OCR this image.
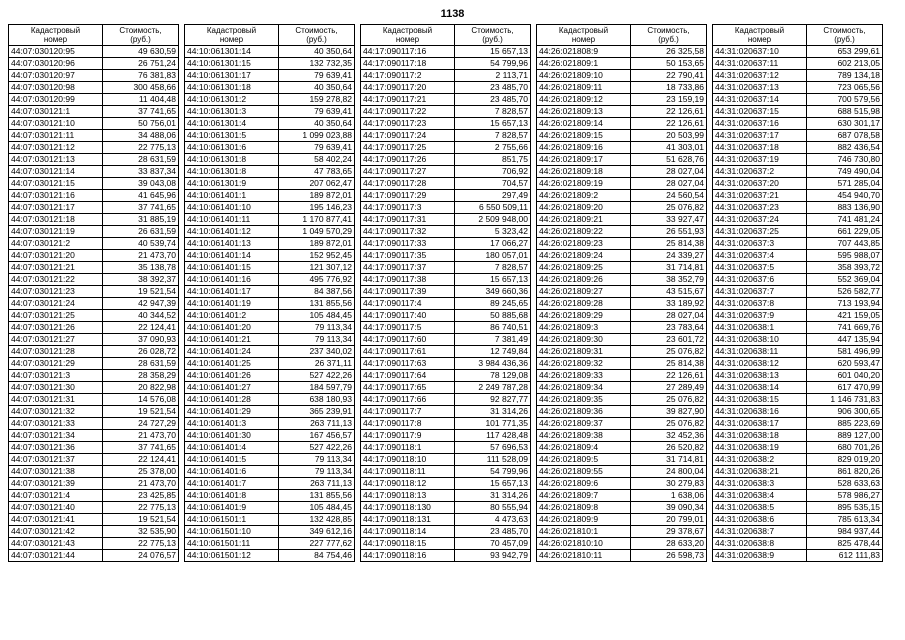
1138
Кадастровый
номер	Стоимость,
(руб.)

44:07:030120:95	49 630,59
44:07:030120:96	26 751,24
44:07:030120:97	76 381,83
44:07:030120:98	300 458,66
44:07:030120:99	11 404,48
44:07:030121:1	37 741,65
44:07:030121:10	50 756,01
44:07:030121:11	34 488,06
44:07:030121:12	22 775,13
44:07:030121:13	28 631,59
44:07:030121:14	33 837,34
44:07:030121:15	39 043,08
44:07:030121:16	41 645,96
44:07:030121:17	37 741,65
44:07:030121:18	31 885,19
44:07:030121:19	26 631,59
44:07:030121:2	40 539,74
44:07:030121:20	21 473,70
44:07:030121:21	35 138,78
44:07:030121:22	38 392,37
44:07:030121:23	19 521,54
44:07:030121:24	42 947,39
44:07:030121:25	40 344,52
44:07:030121:26	22 124,41
44:07:030121:27	37 090,93
44:07:030121:28	26 028,72
44:07:030121:29	28 631,59
44:07:030121:3	28 358,29
44:07:030121:30	20 822,98
44:07:030121:31	14 576,08
44:07:030121:32	19 521,54
44:07:030121:33	24 727,29
44:07:030121:34	21 473,70
44:07:030121:36	37 741,65
44:07:030121:37	22 124,41
44:07:030121:38	25 378,00
44:07:030121:39	21 473,70
44:07:030121:4	23 425,85
44:07:030121:40	22 775,13
44:07:030121:41	19 521,54
44:07:030121:42	32 535,90
44:07:030121:43	22 775,13
44:07:030121:44	24 076,57
Кадастровый
номер	Стоимость,
(руб.)

44:10:061301:14	40 350,64
44:10:061301:15	132 732,35
44:10:061301:17	79 639,41
44:10:061301:18	40 350,64
44:10:061301:2	159 278,82
44:10:061301:3	79 639,41
44:10:061301:4	40 350,64
44:10:061301:5	1 099 023,88
44:10:061301:6	79 639,41
44:10:061301:8	58 402,24
44:10:061301:8	47 783,65
44:10:061301:9	207 062,47
44:10:061401:1	189 872,01
44:10:061401:10	195 146,23
44:10:061401:11	1 170 877,41
44:10:061401:12	1 049 570,29
44:10:061401:13	189 872,01
44:10:061401:14	152 952,45
44:10:061401:15	121 307,12
44:10:061401:16	495 776,92
44:10:061401:17	84 387,56
44:10:061401:19	131 855,56
44:10:061401:2	105 484,45
44:10:061401:20	79 113,34
44:10:061401:21	79 113,34
44:10:061401:24	237 340,02
44:10:061401:25	26 371,11
44:10:061401:26	527 422,26
44:10:061401:27	184 597,79
44:10:061401:28	638 180,93
44:10:061401:29	365 239,91
44:10:061401:3	263 711,13
44:10:061401:30	167 456,57
44:10:061401:4	527 422,26
44:10:061401:5	79 113,34
44:10:061401:6	79 113,34
44:10:061401:7	263 711,13
44:10:061401:8	131 855,56
44:10:061401:9	105 484,45
44:10:061501:1	132 428,85
44:10:061501:10	349 612,16
44:10:061501:11	227 777,62
44:10:061501:12	84 754,46
Кадастровый
номер	Стоимость,
(руб.)

44:17:090117:16	15 657,13
44:17:090117:18	54 799,96
44:17:090117:2	2 113,71
44:17:090117:20	23 485,70
44:17:090117:21	23 485,70
44:17:090117:22	7 828,57
44:17:090117:23	15 657,13
44:17:090117:24	7 828,57
44:17:090117:25	2 755,66
44:17:090117:26	851,75
44:17:090117:27	706,92
44:17:090117:28	704,57
44:17:090117:29	297,49
44:17:090117:3	6 550 509,11
44:17:090117:31	2 509 948,00
44:17:090117:32	5 323,42
44:17:090117:33	17 066,27
44:17:090117:35	180 057,01
44:17:090117:37	7 828,57
44:17:090117:38	15 657,13
44:17:090117:39	349 660,36
44:17:090117:4	89 245,65
44:17:090117:40	50 885,68
44:17:090117:5	86 740,51
44:17:090117:60	7 381,49
44:17:090117:61	12 749,84
44:17:090117:63	3 984 436,36
44:17:090117:64	78 129,08
44:17:090117:65	2 249 787,28
44:17:090117:66	92 827,77
44:17:090117:7	31 314,26
44:17:090117:8	101 771,35
44:17:090117:9	117 428,48
44:17:090118:1	57 696,53
44:17:090118:10	111 528,09
44:17:090118:11	54 799,96
44:17:090118:12	15 657,13
44:17:090118:13	31 314,26
44:17:090118:130	80 555,94
44:17:090118:131	4 473,63
44:17:090118:14	23 485,70
44:17:090118:15	70 457,09
44:17:090118:16	93 942,79
Кадастровый
номер	Стоимость,
(руб.)

44:26:021808:9	26 325,58
44:26:021809:1	50 153,65
44:26:021809:10	22 790,41
44:26:021809:11	18 733,86
44:26:021809:12	23 159,19
44:26:021809:13	22 126,61
44:26:021809:14	22 126,61
44:26:021809:15	20 503,99
44:26:021809:16	41 303,01
44:26:021809:17	51 628,76
44:26:021809:18	28 027,04
44:26:021809:19	28 027,04
44:26:021809:2	24 560,54
44:26:021809:20	25 076,82
44:26:021809:21	33 927,47
44:26:021809:22	26 551,93
44:26:021809:23	25 814,38
44:26:021809:24	24 339,27
44:26:021809:25	31 714,81
44:26:021809:26	38 352,79
44:26:021809:27	43 515,67
44:26:021809:28	33 189,92
44:26:021809:29	28 027,04
44:26:021809:3	23 783,64
44:26:021809:30	23 601,72
44:26:021809:31	25 076,82
44:26:021809:32	25 814,38
44:26:021809:33	22 126,61
44:26:021809:34	27 289,49
44:26:021809:35	25 076,82
44:26:021809:36	39 827,90
44:26:021809:37	25 076,82
44:26:021809:38	32 452,36
44:26:021809:4	26 520,82
44:26:021809:5	31 714,81
44:26:021809:55	24 800,04
44:26:021809:6	30 279,83
44:26:021809:7	1 638,06
44:26:021809:8	39 090,34
44:26:021809:9	20 799,01
44:26:021810:1	29 378,67
44:26:021810:10	28 633,20
44:26:021810:11	26 598,73
Кадастровый
номер	Стоимость,
(руб.)

44:31:020637:10	653 299,61
44:31:020637:11	602 213,05
44:31:020637:12	789 134,18
44:31:020637:13	723 065,56
44:31:020637:14	700 579,56
44:31:020637:15	688 515,98
44:31:020637:16	630 301,17
44:31:020637:17	687 078,58
44:31:020637:18	882 436,54
44:31:020637:19	746 730,80
44:31:020637:2	749 490,04
44:31:020637:20	571 285,04
44:31:020637:21	454 940,70
44:31:020637:23	883 136,90
44:31:020637:24	741 481,24
44:31:020637:25	661 229,05
44:31:020637:3	707 443,85
44:31:020637:4	595 988,07
44:31:020637:5	358 393,72
44:31:020637:6	552 369,04
44:31:020637:7	526 582,77
44:31:020637:8	713 193,94
44:31:020637:9	421 159,05
44:31:020638:1	741 669,76
44:31:020638:10	447 135,94
44:31:020638:11	581 496,99
44:31:020638:12	620 593,47
44:31:020638:13	601 040,20
44:31:020638:14	617 470,99
44:31:020638:15	1 146 731,83
44:31:020638:16	906 300,65
44:31:020638:17	885 223,69
44:31:020638:18	889 127,00
44:31:020638:19	680 701,26
44:31:020638:2	829 019,20
44:31:020638:21	861 820,26
44:31:020638:3	528 633,63
44:31:020638:4	578 986,27
44:31:020638:5	895 535,15
44:31:020638:6	785 613,34
44:31:020638:7	984 937,44
44:31:020638:8	825 478,44
44:31:020638:9	612 111,83
